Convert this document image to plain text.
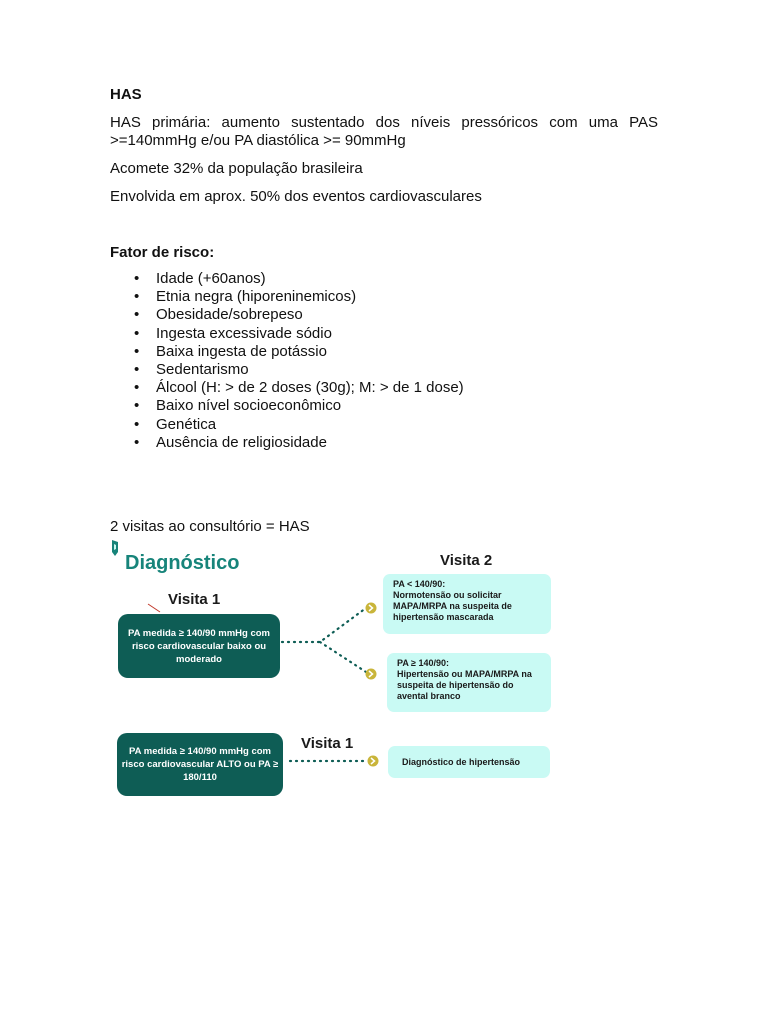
HAS

HAS primária: aumento sustentado dos níveis pressóricos com uma PAS >=140mmHg e/ou PA diastólica >= 90mmHg

Acomete 32% da população brasileira

Envolvida em aprox. 50% dos eventos cardiovasculares

Fator de risco:

• Idade (+60anos)
• Etnia negra (hiporeninemicos)
• Obesidade/sobrepeso
• Ingesta excessivade sódio
• Baixa ingesta de potássio
• Sedentarismo
• Álcool (H: > de 2 doses (30g); M: > de 1 dose)
• Baixo nível socioeconômico
• Genética
• Ausência de religiosidade

2 visitas ao consultório = HAS

Diagnóstico
Visita 1
Visita 2
Visita 1
PA medida ≥ 140/90 mmHg com risco cardiovascular baixo ou moderado
PA medida ≥ 140/90 mmHg com risco cardiovascular ALTO ou PA ≥ 180/110
PA < 140/90:
Normotensão ou solicitar MAPA/MRPA na suspeita de hipertensão mascarada
PA ≥ 140/90:
Hipertensão ou MAPA/MRPA na suspeita de hipertensão do avental branco
Diagnóstico de hipertensão
